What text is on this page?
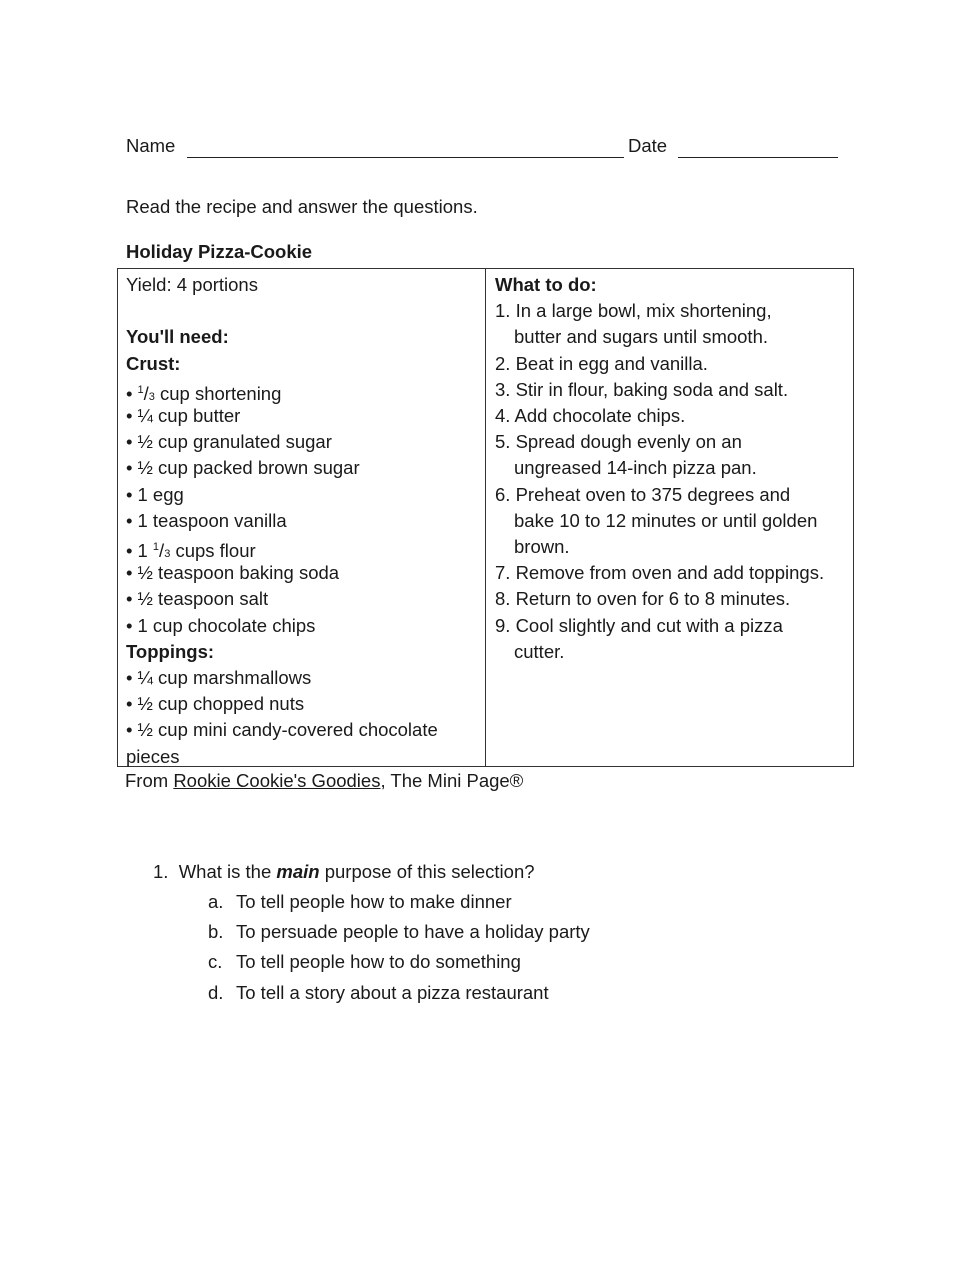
Name	Date
Read the recipe and answer the questions.
Holiday Pizza-Cookie
Yield: 4 portions
You'll need:
Crust:
• $^1$/3 cup shortening
• ¼ cup butter
• ½ cup granulated sugar
• ½ cup packed brown sugar
• 1 egg
• 1 teaspoon vanilla
• 1 $^1$/3 cups flour
• ½ teaspoon baking soda
• ½ teaspoon salt
• 1 cup chocolate chips
Toppings:
• ¼ cup marshmallows
• ½ cup chopped nuts
• ½ cup mini candy-covered chocolate
pieces
What to do:
1. In a large bowl, mix shortening,
butter and sugars until smooth.
2. Beat in egg and vanilla.
3. Stir in flour, baking soda and salt.
4. Add chocolate chips.
5. Spread dough evenly on an
ungreased 14-inch pizza pan.
6. Preheat oven to 375 degrees and
bake 10 to 12 minutes or until golden
brown.
7. Remove from oven and add toppings.
8. Return to oven for 6 to 8 minutes.
9. Cool slightly and cut with a pizza
cutter.
From Rookie Cookie's Goodies, The Mini Page®
1. What is the main purpose of this selection?
a. To tell people how to make dinner
b. To persuade people to have a holiday party
c. To tell people how to do something
d. To tell a story about a pizza restaurant
